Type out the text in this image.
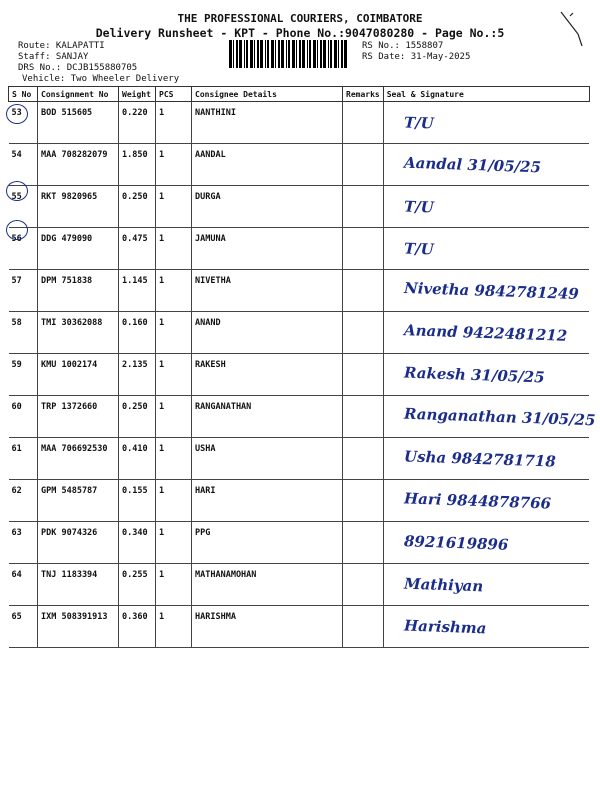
THE PROFESSIONAL COURIERS, COIMBATORE
Delivery Runsheet - KPT - Phone No.:9047080280 - Page No.:5
Route: KALAPATTI
Staff: SANJAY
DRS No.: DCJB155880705
Vehicle: Two Wheeler Delivery
RS No.: 1558807
RS Date: 31-May-2025
S No	Consignment No	Weight	PCS	Consignee Details	Remarks	Seal & Signature
53	BOD 515605	0.220	1	NANTHINI		T/U

54	MAA 708282079	1.850	1	AANDAL		Aandal 31/05/25

55	RKT 9820965	0.250	1	DURGA		T/U

56	DDG 479090	0.475	1	JAMUNA		T/U

57	DPM 751838	1.145	1	NIVETHA		Nivetha 9842781249

58	TMI 30362088	0.160	1	ANAND		Anand 9422481212

59	KMU 1002174	2.135	1	RAKESH		Rakesh 31/05/25

60	TRP 1372660	0.250	1	RANGANATHAN		Ranganathan 31/05/25

61	MAA 706692530	0.410	1	USHA		Usha 9842781718

62	GPM 5485787	0.155	1	HARI		Hari 9844878766

63	PDK 9074326	0.340	1	PPG		8921619896

64	TNJ 1183394	0.255	1	MATHANAMOHAN		Mathiyan

65	IXM 508391913	0.360	1	HARISHMA		Harishma
